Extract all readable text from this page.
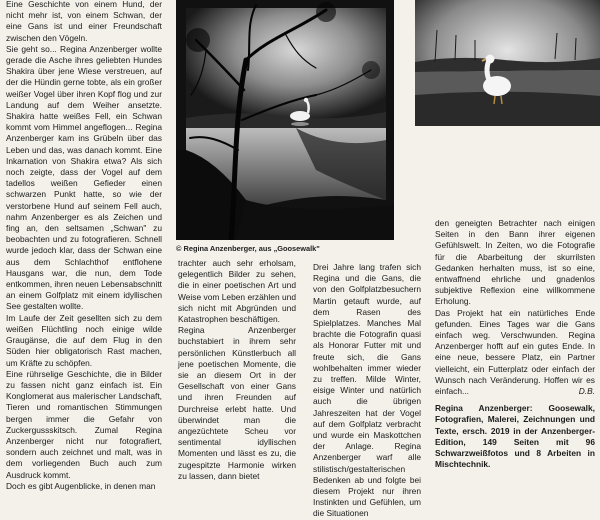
Eine Geschichte von einem Hund, der nicht mehr ist, von einem Schwan, der eine Gans ist und einer Freundschaft zwischen den Vögeln.

Sie geht so... Regina Anzenberger wollte gerade die Asche ihres geliebten Hundes Shakira über jene Wiese verstreuen, auf der die Hündin gerne tobte, als ein großer weißer Vogel über ihren Kopf flog und zur Landung auf dem Weiher ansetzte. Shakira hatte weißes Fell, ein Schwan kommt vom Himmel angeflogen... Regina Anzenberger kam ins Grübeln über das Leben und das, was danach kommt. Eine Inkarnation von Shakira etwa? Als sich noch zeigte, dass der Vogel auf dem tadellos weißen Gefieder einen schwarzen Punkt hatte, so wie der verstorbene Hund auf seinem Fell auch, nahm Anzenberger es als Zeichen und fing an, den seltsamen „Schwan" zu beobachten und zu fotografieren. Schnell wurde jedoch klar, dass der Schwan eine aus dem Schlachthof entflohene Hausgans war, die nun, dem Tode entkommen, ihren neuen Lebensabschnitt an einem Golfplatz mit einem idyllischen See gestalten wollte.

Im Laufe der Zeit gesellten sich zu dem weißen Flüchtling noch einige wilde Graugänse, die auf dem Flug in den Süden hier obligatorisch Rast machen, um Kräfte zu schöpfen.

Eine rührselige Geschichte, die in Bilder zu fassen nicht ganz einfach ist. Ein Konglomerat aus malerischer Landschaft, Tieren und romantischen Stimmungen bergen immer die Gefahr von Zuckergussskitsch. Zumal Regina Anzenberger nicht nur fotografiert, sondern auch zeichnet und malt, was in dem vorliegenden Buch auch zum Ausdruck kommt.

Doch es gibt Augenblicke, in denen man

© Regina Anzenberger, aus „Goosewalk"

trachter auch sehr erholsam, gelegentlich Bilder zu sehen, die in einer poetischen Art und Weise vom Leben erzählen und sich nicht mit Abgründen und Katastrophen beschäftigen.

Regina Anzenberger buchstabiert in ihrem sehr persönlichen Künstlerbuch all jene poetischen Momente, die sie an diesem Ort in der Gesellschaft von einer Gans und ihren Freunden auf Durchreise erlebt hatte. Und überwindet man die angezüchtete Scheu vor sentimental idyllischen Momenten und lässt es zu, die zugespitzte Harmonie wirken zu lassen, dann bietet

Drei Jahre lang trafen sich Regina und die Gans, die von den Golfplatzbesuchern Martin getauft wurde, auf dem Rasen des Spielplatzes. Manches Mal brachte die Fotografin quasi als Honorar Futter mit und freute sich, die Gans wohlbehalten immer wieder zu treffen. Milde Winter, eisige Winter und natürlich auch die übrigen Jahreszeiten hat der Vogel auf dem Golfplatz verbracht und wurde ein Maskottchen der Anlage. Regina Anzenberger warf alle stilistisch/gestalterischen Bedenken ab und folgte bei diesem Projekt nur ihren Instinkten und Gefühlen, um die Situationen

den geneigten Betrachter nach einigen Seiten in den Bann ihrer eigenen Gefühlswelt. In Zeiten, wo die Fotografie für die Abarbeitung der skurrilsten Gedanken herhalten muss, ist so eine, entwaffnend ehrliche und gnadenlos subjektive Reflexion eine willkommene Erholung.

Das Projekt hat ein natürliches Ende gefunden. Eines Tages war die Gans einfach weg. Verschwunden. Regina Anzenberger hofft auf ein gutes Ende. In eine neue, bessere Platz, ein Partner vielleicht, ein Futterplatz oder einfach der Wunsch nach Veränderung. Hoffen wir es einfach...	D.B.

Regina Anzenberger: Goosewalk, Fotografien, Malerei, Zeichnungen und Texte, ersch. 2019 in der Anzenberger-Edition, 149 Seiten mit 96 Schwarzweißfotos und 8 Arbeiten in Mischtechnik.
